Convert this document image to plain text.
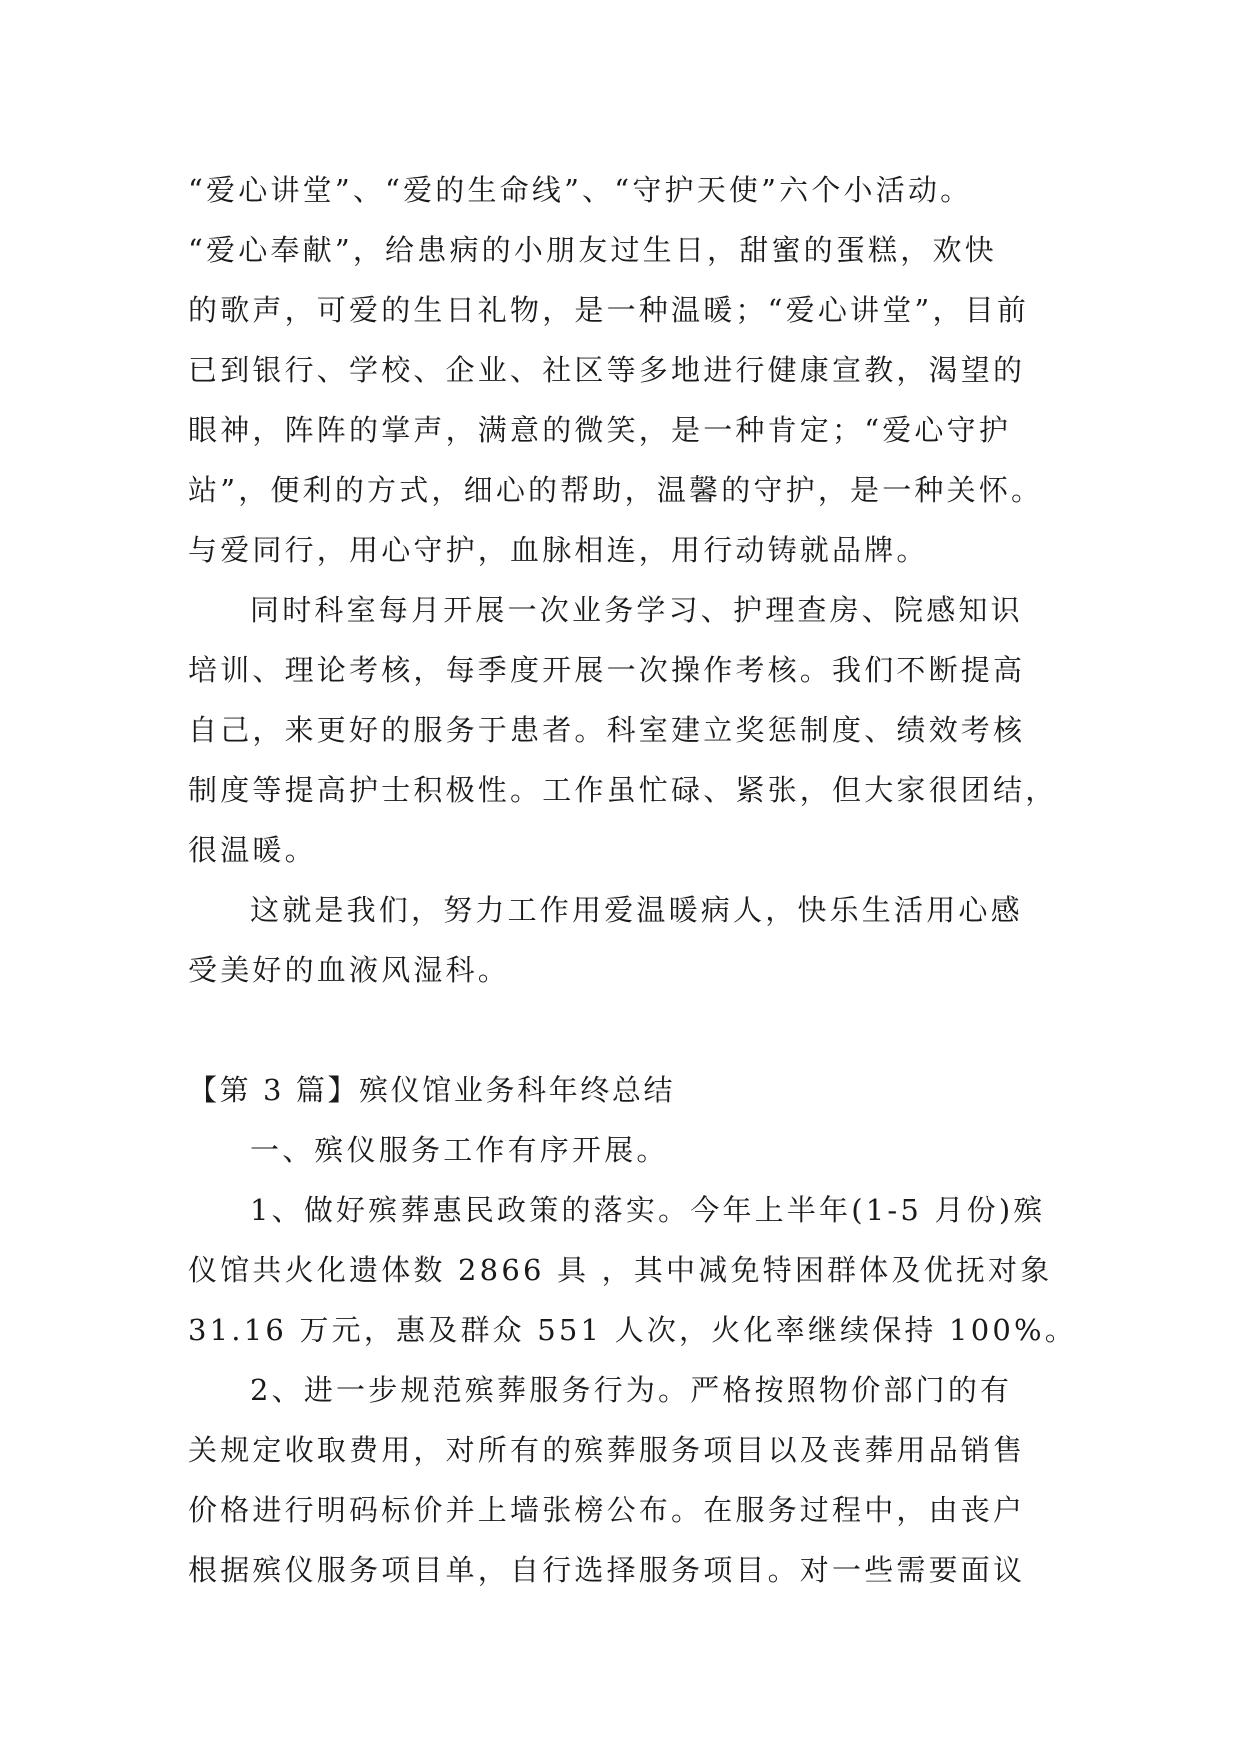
“爱心讲堂”、“爱的生命线”、“守护天使”六个小活动。
“爱心奉献”，给患病的小朋友过生日，甜蜜的蛋糕，欢快
的歌声，可爱的生日礼物，是一种温暖；“爱心讲堂”，目前
已到银行、学校、企业、社区等多地进行健康宣教，渴望的
眼神，阵阵的掌声，满意的微笑，是一种肯定；“爱心守护
站”，便利的方式，细心的帮助，温馨的守护，是一种关怀。
与爱同行，用心守护，血脉相连，用行动铸就品牌。
同时科室每月开展一次业务学习、护理查房、院感知识
培训、理论考核，每季度开展一次操作考核。我们不断提高
自己，来更好的服务于患者。科室建立奖惩制度、绩效考核
制度等提高护士积极性。工作虽忙碌、紧张，但大家很团结，
很温暖。
这就是我们，努力工作用爱温暖病人，快乐生活用心感
受美好的血液风湿科。
【第 3 篇】殡仪馆业务科年终总结
一、殡仪服务工作有序开展。
1、做好殡葬惠民政策的落实。今年上半年(1-5 月份)殡
仪馆共火化遗体数 2866 具 ，其中减免特困群体及优抚对象
31.16 万元，惠及群众 551 人次，火化率继续保持 100%。
2、进一步规范殡葬服务行为。严格按照物价部门的有
关规定收取费用，对所有的殡葬服务项目以及丧葬用品销售
价格进行明码标价并上墙张榜公布。在服务过程中，由丧户
根据殡仪服务项目单，自行选择服务项目。对一些需要面议
